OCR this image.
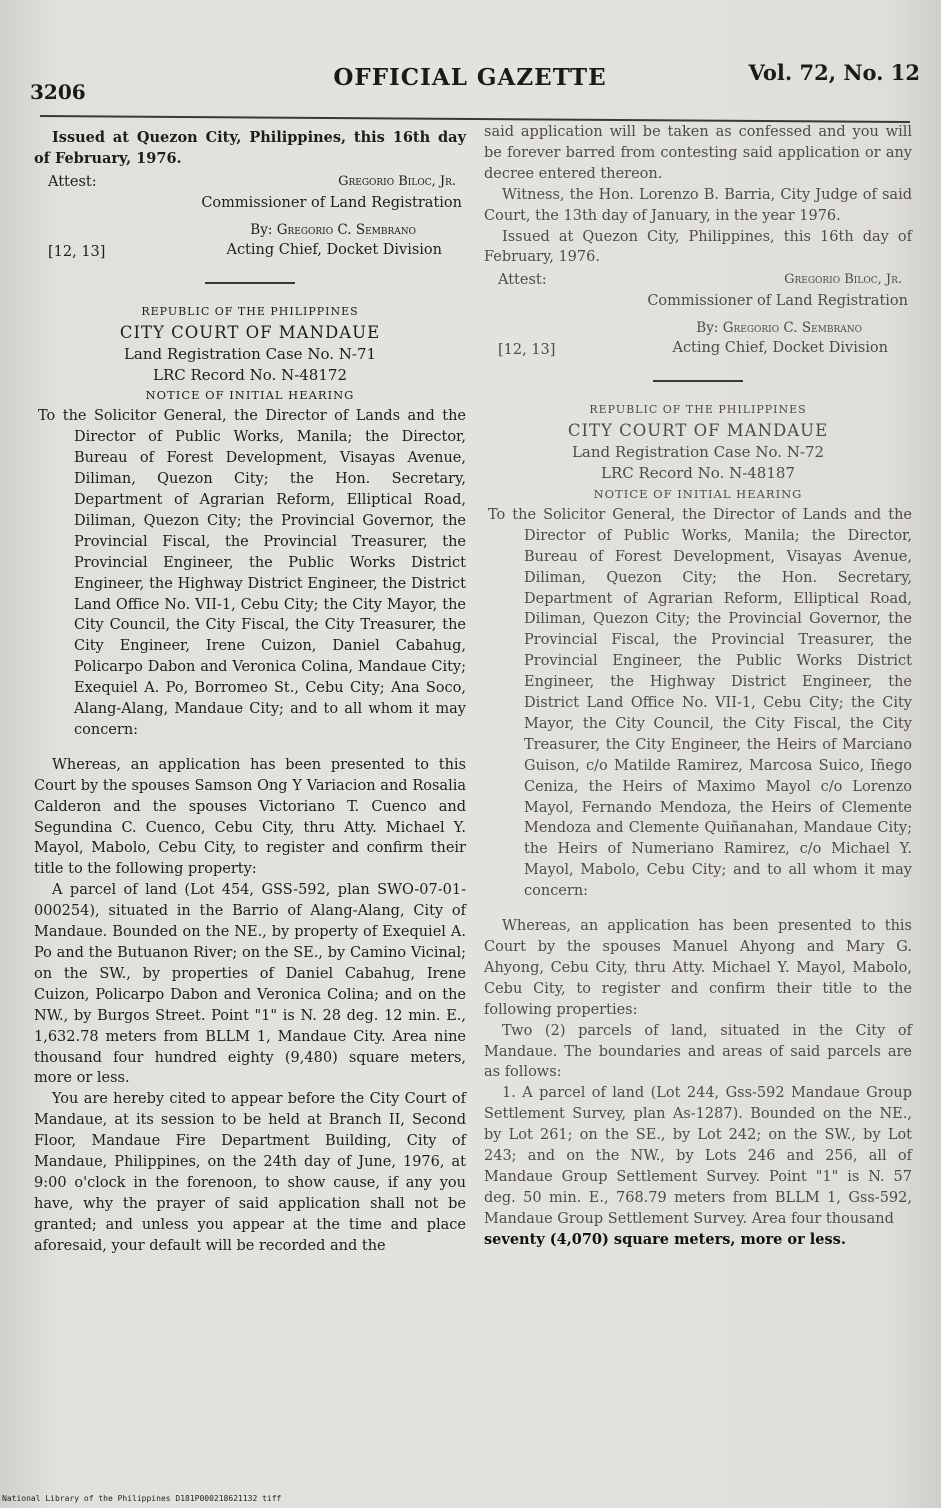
3206
OFFICIAL GAZETTE	Vol. 72, No. 12

Issued at Quezon City, Philippines, this 16th day of February, 1976.

Attest:	Gregorio Biloc, Jr.
Commissioner of Land Registration
By: Gregorio C. Sembrano
[12, 13]	Acting Chief, Docket Division

REPUBLIC OF THE PHILIPPINES

CITY COURT OF MANDAUE

Land Registration Case No. N-71

LRC Record No. N-48172

NOTICE OF INITIAL HEARING

To the Solicitor General, the Director of Lands and the Director of Public Works, Manila; the Director, Bureau of Forest Development, Visayas Avenue, Diliman, Quezon City; the Hon. Secretary, Department of Agrarian Reform, Elliptical Road, Diliman, Quezon City; the Provincial Governor, the Provincial Fiscal, the Provincial Treasurer, the Provincial Engineer, the Public Works District Engineer, the Highway District Engineer, the District Land Office No. VII-1, Cebu City; the City Mayor, the City Council, the City Fiscal, the City Treasurer, the City Engineer, Irene Cuizon, Daniel Cabahug, Policarpo Dabon and Veronica Colina, Mandaue City; Exequiel A. Po, Borromeo St., Cebu City; Ana Soco, Alang-Alang, Mandaue City; and to all whom it may concern:

Whereas, an application has been presented to this Court by the spouses Samson Ong Y Variacion and Rosalia Calderon and the spouses Victoriano T. Cuenco and Segundina C. Cuenco, Cebu City, thru Atty. Michael Y. Mayol, Mabolo, Cebu City, to register and confirm their title to the following property:

A parcel of land (Lot 454, GSS-592, plan SWO-07-01-000254), situated in the Barrio of Alang-Alang, City of Mandaue. Bounded on the NE., by property of Exequiel A. Po and the Butuanon River; on the SE., by Camino Vicinal; on the SW., by properties of Daniel Cabahug, Irene Cuizon, Policarpo Dabon and Veronica Colina; and on the NW., by Burgos Street. Point "1" is N. 28 deg. 12 min. E., 1,632.78 meters from BLLM 1, Mandaue City. Area nine thousand four hundred eighty (9,480) square meters, more or less.

You are hereby cited to appear before the City Court of Mandaue, at its session to be held at Branch II, Second Floor, Mandaue Fire Department Building, City of Mandaue, Philippines, on the 24th day of June, 1976, at 9:00 o'clock in the forenoon, to show cause, if any you have, why the prayer of said application shall not be granted; and unless you appear at the time and place aforesaid, your default will be recorded and the

said application will be taken as confessed and you will be forever barred from contesting said application or any decree entered thereon.

Witness, the Hon. Lorenzo B. Barria, City Judge of said Court, the 13th day of January, in the year 1976.

Issued at Quezon City, Philippines, this 16th day of February, 1976.

Attest:	Gregorio Biloc, Jr.
Commissioner of Land Registration
By: Gregorio C. Sembrano
[12, 13]	Acting Chief, Docket Division

REPUBLIC OF THE PHILIPPINES

CITY COURT OF MANDAUE

Land Registration Case No. N-72

LRC Record No. N-48187

NOTICE OF INITIAL HEARING

To the Solicitor General, the Director of Lands and the Director of Public Works, Manila; the Director, Bureau of Forest Development, Visayas Avenue, Diliman, Quezon City; the Hon. Secretary, Department of Agrarian Reform, Elliptical Road, Diliman, Quezon City; the Provincial Governor, the Provincial Fiscal, the Provincial Treasurer, the Provincial Engineer, the Public Works District Engineer, the Highway District Engineer, the District Land Office No. VII-1, Cebu City; the City Mayor, the City Council, the City Fiscal, the City Treasurer, the City Engineer, the Heirs of Marciano Guison, c/o Matilde Ramirez, Marcosa Suico, Iñego Ceniza, the Heirs of Maximo Mayol c/o Lorenzo Mayol, Fernando Mendoza, the Heirs of Clemente Mendoza and Clemente Quiñanahan, Mandaue City; the Heirs of Numeriano Ramirez, c/o Michael Y. Mayol, Mabolo, Cebu City; and to all whom it may concern:

Whereas, an application has been presented to this Court by the spouses Manuel Ahyong and Mary G. Ahyong, Cebu City, thru Atty. Michael Y. Mayol, Mabolo, Cebu City, to register and confirm their title to the following properties:

Two (2) parcels of land, situated in the City of Mandaue. The boundaries and areas of said parcels are as follows:

1. A parcel of land (Lot 244, Gss-592 Mandaue Group Settlement Survey, plan As-1287). Bounded on the NE., by Lot 261; on the SE., by Lot 242; on the SW., by Lot 243; and on the NW., by Lots 246 and 256, all of Mandaue Group Settlement Survey. Point "1" is N. 57 deg. 50 min. E., 768.79 meters from BLLM 1, Gss-592, Mandaue Group Settlement Survey. Area four thousand

seventy (4,070) square meters, more or less.

National Library of the Philippines D181P000218621132 tiff
